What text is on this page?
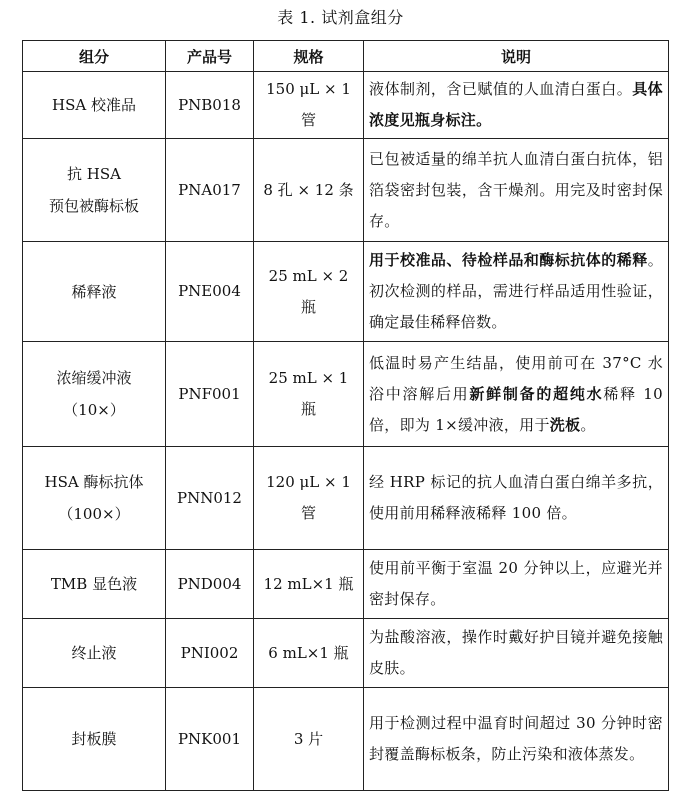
表 1. 试剂盒组分
组分	产品号	规格	说明

HSA 校准品	PNB018	150 μL × 1 管	液体制剂，含已赋值的人血清白蛋白。具体浓度见瓶身标注。

抗 HSA
预包被酶标板	PNA017	8 孔 × 12 条	已包被适量的绵羊抗人血清白蛋白抗体，铝箔袋密封包装，含干燥剂。用完及时密封保存。

稀释液	PNE004	25 mL × 2 瓶	用于校准品、待检样品和酶标抗体的稀释。初次检测的样品，需进行样品适用性验证，确定最佳稀释倍数。

浓缩缓冲液
（10×）	PNF001	25 mL × 1 瓶	低温时易产生结晶，使用前可在 37°C 水浴中溶解后用新鲜制备的超纯水稀释 10 倍，即为 1×缓冲液，用于洗板。

HSA 酶标抗体
（100×）	PNN012	120 μL × 1 管	经 HRP 标记的抗人血清白蛋白绵羊多抗，使用前用稀释液稀释 100 倍。

TMB 显色液	PND004	12 mL×1 瓶	使用前平衡于室温 20 分钟以上，应避光并密封保存。

终止液	PNI002	6 mL×1 瓶	为盐酸溶液，操作时戴好护目镜并避免接触皮肤。

封板膜	PNK001	3 片	用于检测过程中温育时间超过 30 分钟时密封覆盖酶标板条，防止污染和液体蒸发。
